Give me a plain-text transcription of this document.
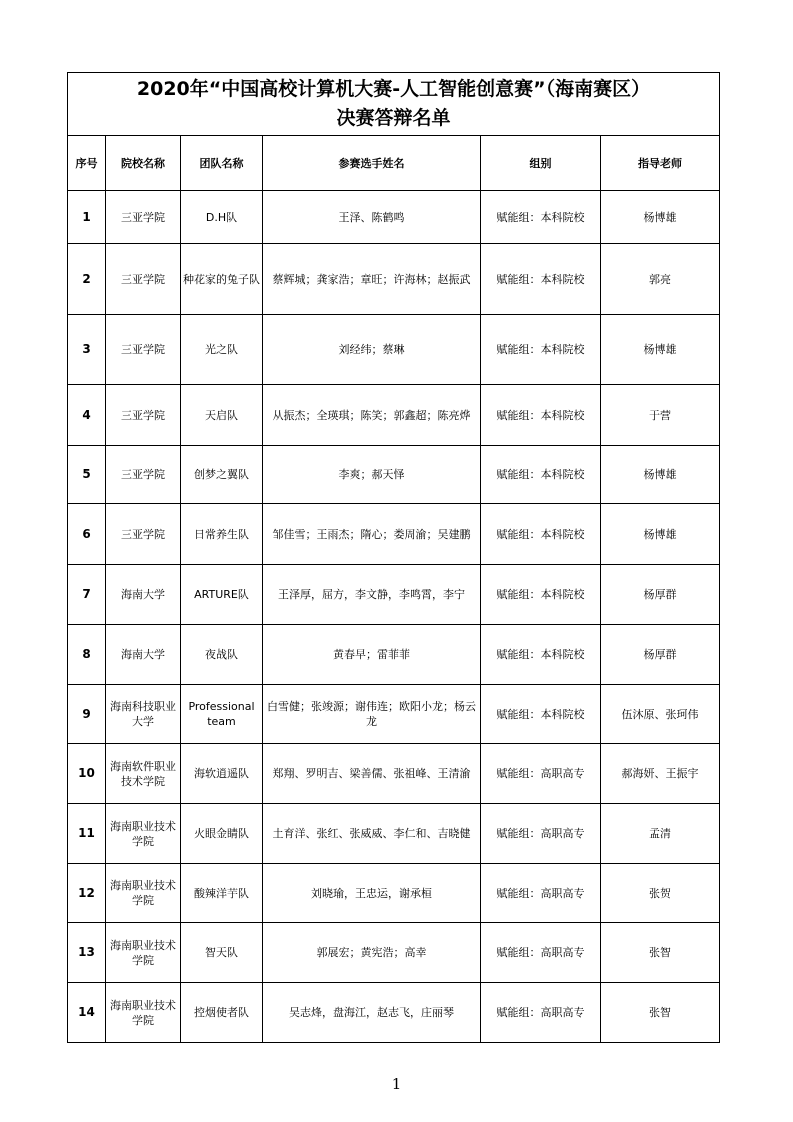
2020年“中国高校计算机大赛-人工智能创意赛”（海南赛区）
决赛答辩名单					

序号	院校名称	团队名称	参赛选手姓名	组别	指导老师
1	三亚学院	D.H队	王泽、陈鹤鸣	赋能组：本科院校	杨博雄
2	三亚学院	种花家的兔子队	蔡辉城；龚家浩；章旺；许海林；赵振武	赋能组：本科院校	郭亮
3	三亚学院	光之队	刘经纬；蔡琳	赋能组：本科院校	杨博雄
4	三亚学院	天启队	从振杰；全瑛琪；陈笑；郭鑫超；陈亮烨	赋能组：本科院校	于营
5	三亚学院	创梦之翼队	李爽；郝天怿	赋能组：本科院校	杨博雄
6	三亚学院	日常养生队	邹佳雪；王雨杰；隋心；娄周渝；吴建鹏	赋能组：本科院校	杨博雄
7	海南大学	ARTURE队	王泽厚，屈方，李文静，李鸣霄，李宁	赋能组：本科院校	杨厚群
8	海南大学	夜战队	黄春早；雷菲菲	赋能组：本科院校	杨厚群
9	海南科技职业大学	Professional team	白雪健；张竣源；谢伟连；欧阳小龙；杨云龙	赋能组：本科院校	伍沐原、张珂伟
10	海南软件职业技术学院	海软逍遥队	郑翔、罗明吉、梁善儒、张祖峰、王清渝	赋能组：高职高专	郝海妍、王振宇
11	海南职业技术学院	火眼金睛队	土育洋、张红、张威威、李仁和、吉晓健	赋能组：高职高专	孟清
12	海南职业技术学院	酸辣洋芋队	刘晓瑜，王忠运，谢承桓	赋能组：高职高专	张贺
13	海南职业技术学院	智天队	郭展宏；黄宪浩；高幸	赋能组：高职高专	张智
14	海南职业技术学院	控烟使者队	吴志烽，盘海江，赵志飞，庄丽琴	赋能组：高职高专	张智
1
